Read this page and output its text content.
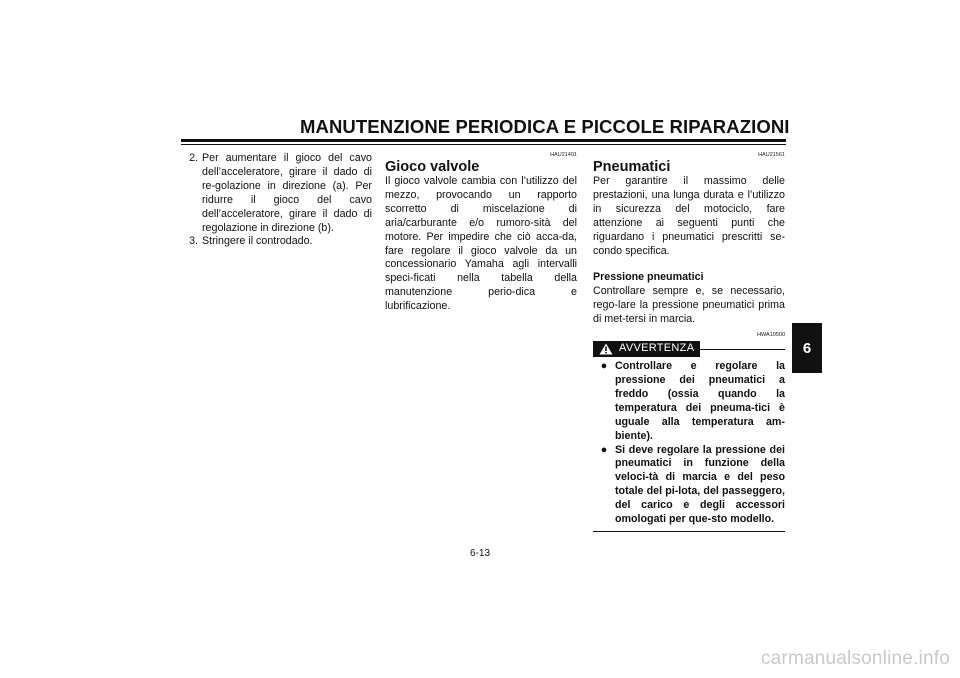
MANUTENZIONE PERIODICA E PICCOLE RIPARAZIONI
2. Per aumentare il gioco del cavo dell’acceleratore, girare il dado di re-golazione in direzione (a). Per ridurre il gioco del cavo dell’acceleratore, girare il dado di regolazione in direzione (b).
3. Stringere il controdado.
HAU21401
Gioco valvole

Il gioco valvole cambia con l’utilizzo del mezzo, provocando un rapporto scorretto di miscelazione di aria/carburante e/o rumoro-sità del motore. Per impedire che ciò acca-da, fare regolare il gioco valvole da un concessionario Yamaha agli intervalli speci-ficati nella tabella della manutenzione perio-dica e lubrificazione.

HAU21561
Pneumatici

Per garantire il massimo delle prestazioni, una lunga durata e l’utilizzo in sicurezza del motociclo, fare attenzione ai seguenti punti che riguardano i pneumatici prescritti se-condo specifica.

Pressione pneumatici

Controllare sempre e, se necessario, rego-lare la pressione pneumatici prima di met-tersi in marcia.

HWA10500
AVVERTENZA
● Controllare e regolare la pressione dei pneumatici a freddo (ossia quando la temperatura dei pneuma-tici è uguale alla temperatura am-biente).
● Si deve regolare la pressione dei pneumatici in funzione della veloci-tà di marcia e del peso totale del pi-lota, del passeggero, del carico e degli accessori omologati per que-sto modello.
6
6-13
carmanualsonline.info
